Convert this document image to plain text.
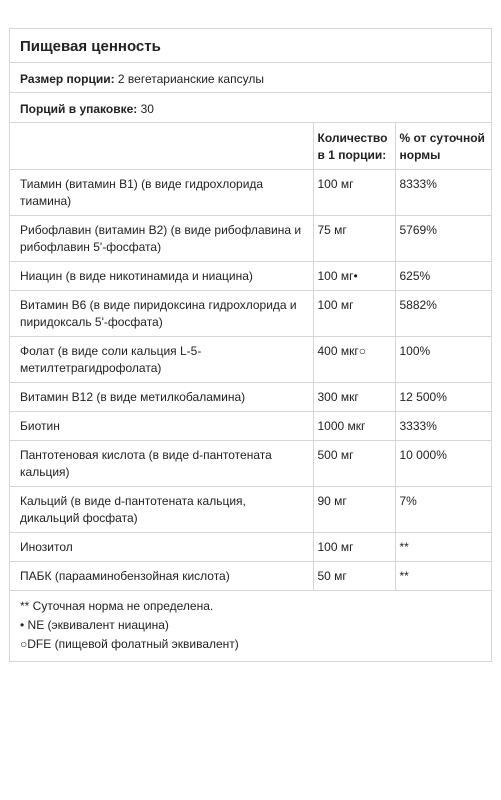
Пищевая ценность
Размер порции: 2 вегетарианские капсулы
Порций в упаковке: 30
	Количество в 1 порции:	% от суточной нормы
Тиамин (витамин B1) (в виде гидрохлорида тиамина)	100 мг	8333%
Рибофлавин (витамин B2) (в виде рибофлавина и рибофлавин 5'-фосфата)	75 мг	5769%
Ниацин (в виде никотинамида и ниацина)	100 мг•	625%
Витамин B6 (в виде пиридоксина гидрохлорида и пиридоксаль 5'-фосфата)	100 мг	5882%
Фолат (в виде соли кальция L-5-метилтетрагидрофолата)	400 мкг○	100%
Витамин B12 (в виде метилкобаламина)	300 мкг	12 500%
Биотин	1000 мкг	3333%
Пантотеновая кислота (в виде d-пантотената кальция)	500 мг	10 000%
Кальций (в виде d-пантотената кальция, дикальций фосфата)	90 мг	7%
Инозитол	100 мг	**
ПАБК (парааминобензойная кислота)	50 мг	**
** Суточная норма не определена.
• NE (эквивалент ниацина)
○DFE (пищевой фолатный эквивалент)
